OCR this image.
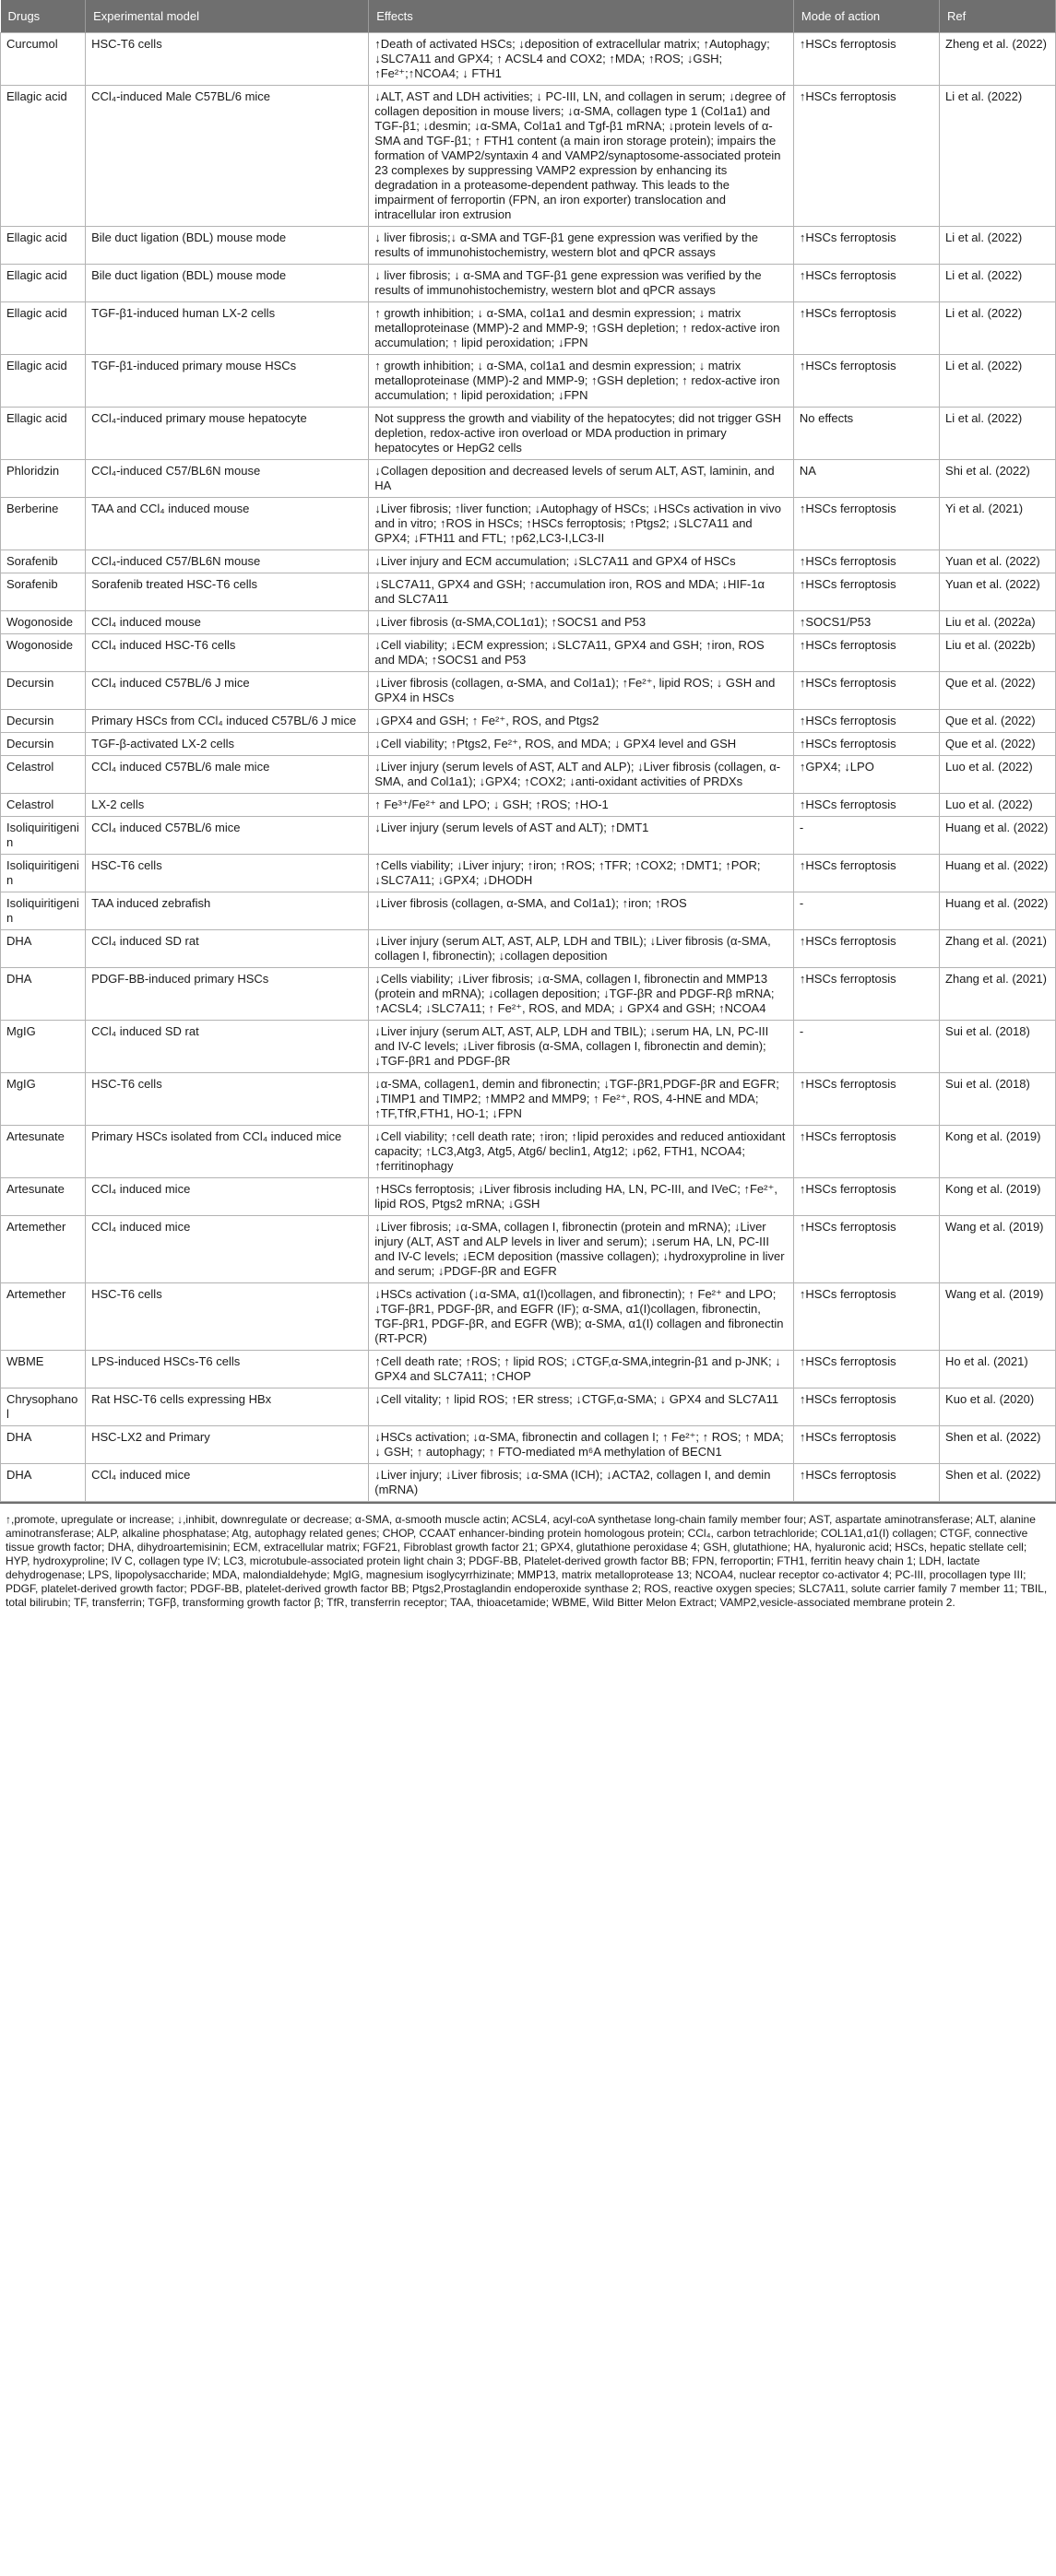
Drugs	Experimental model	Effects	Mode of action	Ref
Curcumol	HSC-T6 cells	↑Death of activated HSCs; ↓deposition of extracellular matrix; ↑Autophagy; ↓SLC7A11 and GPX4; ↑ ACSL4 and COX2; ↑MDA; ↑ROS; ↓GSH; ↑Fe²⁺;↑NCOA4; ↓ FTH1	↑HSCs ferroptosis	Zheng et al. (2022)
Ellagic acid	CCl₄-induced Male C57BL/6 mice	↓ALT, AST and LDH activities; ↓ PC-III, LN, and collagen in serum; ↓degree of collagen deposition in mouse livers; ↓α-SMA, collagen type 1 (Col1a1) and TGF-β1; ↓desmin; ↓α-SMA, Col1a1 and Tgf-β1 mRNA; ↓protein levels of α-SMA and TGF-β1; ↑ FTH1 content (a main iron storage protein); impairs the formation of VAMP2/syntaxin 4 and VAMP2/synaptosome-associated protein 23 complexes by suppressing VAMP2 expression by enhancing its degradation in a proteasome-dependent pathway. This leads to the impairment of ferroportin (FPN, an iron exporter) translocation and intracellular iron extrusion	↑HSCs ferroptosis	Li et al. (2022)
Ellagic acid	Bile duct ligation (BDL) mouse mode	↓ liver fibrosis;↓ α-SMA and TGF-β1 gene expression was verified by the results of immunohistochemistry, western blot and qPCR assays	↑HSCs ferroptosis	Li et al. (2022)
Ellagic acid	Bile duct ligation (BDL) mouse mode	↓ liver fibrosis; ↓ α-SMA and TGF-β1 gene expression was verified by the results of immunohistochemistry, western blot and qPCR assays	↑HSCs ferroptosis	Li et al. (2022)
Ellagic acid	TGF-β1-induced human LX-2 cells	↑ growth inhibition; ↓ α-SMA, col1a1 and desmin expression; ↓ matrix metalloproteinase (MMP)-2 and MMP-9; ↑GSH depletion; ↑ redox-active iron accumulation; ↑ lipid peroxidation; ↓FPN	↑HSCs ferroptosis	Li et al. (2022)
Ellagic acid	TGF-β1-induced primary mouse HSCs	↑ growth inhibition; ↓ α-SMA, col1a1 and desmin expression; ↓ matrix metalloproteinase (MMP)-2 and MMP-9; ↑GSH depletion; ↑ redox-active iron accumulation; ↑ lipid peroxidation; ↓FPN	↑HSCs ferroptosis	Li et al. (2022)
Ellagic acid	CCl₄-induced primary mouse hepatocyte	Not suppress the growth and viability of the hepatocytes; did not trigger GSH depletion, redox-active iron overload or MDA production in primary hepatocytes or HepG2 cells	No effects	Li et al. (2022)
Phloridzin	CCl₄-induced C57/BL6N mouse	↓Collagen deposition and decreased levels of serum ALT, AST, laminin, and HA	NA	Shi et al. (2022)
Berberine	TAA and CCl₄ induced mouse	↓Liver fibrosis; ↑liver function; ↓Autophagy of HSCs; ↓HSCs activation in vivo and in vitro; ↑ROS in HSCs; ↑HSCs ferroptosis; ↑Ptgs2; ↓SLC7A11 and GPX4; ↓FTH11 and FTL; ↑p62,LC3-I,LC3-II	↑HSCs ferroptosis	Yi et al. (2021)
Sorafenib	CCl₄-induced C57/BL6N mouse	↓Liver injury and ECM accumulation; ↓SLC7A11 and GPX4 of HSCs	↑HSCs ferroptosis	Yuan et al. (2022)
Sorafenib	Sorafenib treated HSC-T6 cells	↓SLC7A11, GPX4 and GSH; ↑accumulation iron, ROS and MDA; ↓HIF-1α and SLC7A11	↑HSCs ferroptosis	Yuan et al. (2022)
Wogonoside	CCl₄ induced mouse	↓Liver fibrosis (α-SMA,COL1α1); ↑SOCS1 and P53	↑SOCS1/P53	Liu et al. (2022a)
Wogonoside	CCl₄ induced HSC-T6 cells	↓Cell viability; ↓ECM expression; ↓SLC7A11, GPX4 and GSH; ↑iron, ROS and MDA; ↑SOCS1 and P53	↑HSCs ferroptosis	Liu et al. (2022b)
Decursin	CCl₄ induced C57BL/6 J mice	↓Liver fibrosis (collagen, α-SMA, and Col1a1); ↑Fe²⁺, lipid ROS; ↓ GSH and GPX4 in HSCs	↑HSCs ferroptosis	Que et al. (2022)
Decursin	Primary HSCs from CCl₄ induced C57BL/6 J mice	↓GPX4 and GSH; ↑ Fe²⁺, ROS, and Ptgs2	↑HSCs ferroptosis	Que et al. (2022)
Decursin	TGF-β-activated LX-2 cells	↓Cell viability; ↑Ptgs2, Fe²⁺, ROS, and MDA; ↓ GPX4 level and GSH	↑HSCs ferroptosis	Que et al. (2022)
Celastrol	CCl₄ induced C57BL/6 male mice	↓Liver injury (serum levels of AST, ALT and ALP); ↓Liver fibrosis (collagen, α-SMA, and Col1a1); ↓GPX4; ↑COX2; ↓anti-oxidant activities of PRDXs	↑GPX4; ↓LPO	Luo et al. (2022)
Celastrol	LX-2 cells	↑ Fe³⁺/Fe²⁺ and LPO; ↓ GSH; ↑ROS; ↑HO-1	↑HSCs ferroptosis	Luo et al. (2022)
Isoliquiritigenin	CCl₄ induced C57BL/6 mice	↓Liver injury (serum levels of AST and ALT); ↑DMT1	-	Huang et al. (2022)
Isoliquiritigenin	HSC-T6 cells	↑Cells viability; ↓Liver injury; ↑iron; ↑ROS; ↑TFR; ↑COX2; ↑DMT1; ↑POR; ↓SLC7A11; ↓GPX4; ↓DHODH	↑HSCs ferroptosis	Huang et al. (2022)
Isoliquiritigenin	TAA induced zebrafish	↓Liver fibrosis (collagen, α-SMA, and Col1a1); ↑iron; ↑ROS	-	Huang et al. (2022)
DHA	CCl₄ induced SD rat	↓Liver injury (serum ALT, AST, ALP, LDH and TBIL); ↓Liver fibrosis (α-SMA, collagen I, fibronectin); ↓collagen deposition	↑HSCs ferroptosis	Zhang et al. (2021)
DHA	PDGF-BB-induced primary HSCs	↓Cells viability; ↓Liver fibrosis; ↓α-SMA, collagen I, fibronectin and MMP13 (protein and mRNA); ↓collagen deposition; ↓TGF-βR and PDGF-Rβ mRNA; ↑ACSL4; ↓SLC7A11; ↑ Fe²⁺, ROS, and MDA; ↓ GPX4 and GSH; ↑NCOA4	↑HSCs ferroptosis	Zhang et al. (2021)
MgIG	CCl₄ induced SD rat	↓Liver injury (serum ALT, AST, ALP, LDH and TBIL); ↓serum HA, LN, PC-III and IV-C levels; ↓Liver fibrosis (α-SMA, collagen I, fibronectin and demin); ↓TGF-βR1 and PDGF-βR	-	Sui et al. (2018)
MgIG	HSC-T6 cells	↓α-SMA, collagen1, demin and fibronectin; ↓TGF-βR1,PDGF-βR and EGFR; ↓TIMP1 and TIMP2; ↑MMP2 and MMP9; ↑ Fe²⁺, ROS, 4-HNE and MDA; ↑TF,TfR,FTH1, HO-1; ↓FPN	↑HSCs ferroptosis	Sui et al. (2018)
Artesunate	Primary HSCs isolated from CCl₄ induced mice	↓Cell viability; ↑cell death rate; ↑iron; ↑lipid peroxides and reduced antioxidant capacity; ↑LC3,Atg3, Atg5, Atg6/ beclin1, Atg12; ↓p62, FTH1, NCOA4; ↑ferritinophagy	↑HSCs ferroptosis	Kong et al. (2019)
Artesunate	CCl₄ induced mice	↑HSCs ferroptosis; ↓Liver fibrosis including HA, LN, PC-III, and IVeC; ↑Fe²⁺, lipid ROS, Ptgs2 mRNA; ↓GSH	↑HSCs ferroptosis	Kong et al. (2019)
Artemether	CCl₄ induced mice	↓Liver fibrosis; ↓α-SMA, collagen I, fibronectin (protein and mRNA); ↓Liver injury (ALT, AST and ALP levels in liver and serum); ↓serum HA, LN, PC-III and IV-C levels; ↓ECM deposition (massive collagen); ↓hydroxyproline in liver and serum; ↓PDGF-βR and EGFR	↑HSCs ferroptosis	Wang et al. (2019)
Artemether	HSC-T6 cells	↓HSCs activation (↓α-SMA, α1(I)collagen, and fibronectin); ↑ Fe²⁺ and LPO; ↓TGF-βR1, PDGF-βR, and EGFR (IF); α-SMA, α1(I)collagen, fibronectin, TGF-βR1, PDGF-βR, and EGFR (WB); α-SMA, α1(I) collagen and fibronectin (RT-PCR)	↑HSCs ferroptosis	Wang et al. (2019)
WBME	LPS-induced HSCs-T6 cells	↑Cell death rate; ↑ROS; ↑ lipid ROS; ↓CTGF,α-SMA,integrin-β1 and p-JNK; ↓ GPX4 and SLC7A11; ↑CHOP	↑HSCs ferroptosis	Ho et al. (2021)
Chrysophanol	Rat HSC-T6 cells expressing HBx	↓Cell vitality; ↑ lipid ROS; ↑ER stress; ↓CTGF,α-SMA; ↓ GPX4 and SLC7A11	↑HSCs ferroptosis	Kuo et al. (2020)
DHA	HSC-LX2 and Primary	↓HSCs activation; ↓α-SMA, fibronectin and collagen I; ↑ Fe²⁺; ↑ ROS; ↑ MDA; ↓ GSH; ↑ autophagy; ↑ FTO-mediated m⁶A methylation of BECN1	↑HSCs ferroptosis	Shen et al. (2022)
DHA	CCl₄ induced mice	↓Liver injury; ↓Liver fibrosis; ↓α-SMA (ICH); ↓ACTA2, collagen I, and demin (mRNA)	↑HSCs ferroptosis	Shen et al. (2022)
↑,promote, upregulate or increase; ↓,inhibit, downregulate or decrease; α-SMA, α-smooth muscle actin; ACSL4, acyl-coA synthetase long-chain family member four; AST, aspartate aminotransferase; ALT, alanine aminotransferase; ALP, alkaline phosphatase; Atg, autophagy related genes; CHOP, CCAAT enhancer-binding protein homologous protein; CCl₄, carbon tetrachloride; COL1A1,α1(I) collagen; CTGF, connective tissue growth factor; DHA, dihydroartemisinin; ECM, extracellular matrix; FGF21, Fibroblast growth factor 21; GPX4, glutathione peroxidase 4; GSH, glutathione; HA, hyaluronic acid; HSCs, hepatic stellate cell; HYP, hydroxyproline; IV C, collagen type IV; LC3, microtubule-associated protein light chain 3; PDGF-BB, Platelet-derived growth factor BB; FPN, ferroportin; FTH1, ferritin heavy chain 1; LDH, lactate dehydrogenase; LPS, lipopolysaccharide; MDA, malondialdehyde; MgIG, magnesium isoglycyrrhizinate; MMP13, matrix metalloprotease 13; NCOA4, nuclear receptor co-activator 4; PC-III, procollagen type III; PDGF, platelet-derived growth factor; PDGF-BB, platelet-derived growth factor BB; Ptgs2,Prostaglandin endoperoxide synthase 2; ROS, reactive oxygen species; SLC7A11, solute carrier family 7 member 11; TBIL, total bilirubin; TF, transferrin; TGFβ, transforming growth factor β; TfR, transferrin receptor; TAA, thioacetamide; WBME, Wild Bitter Melon Extract; VAMP2,vesicle-associated membrane protein 2.
